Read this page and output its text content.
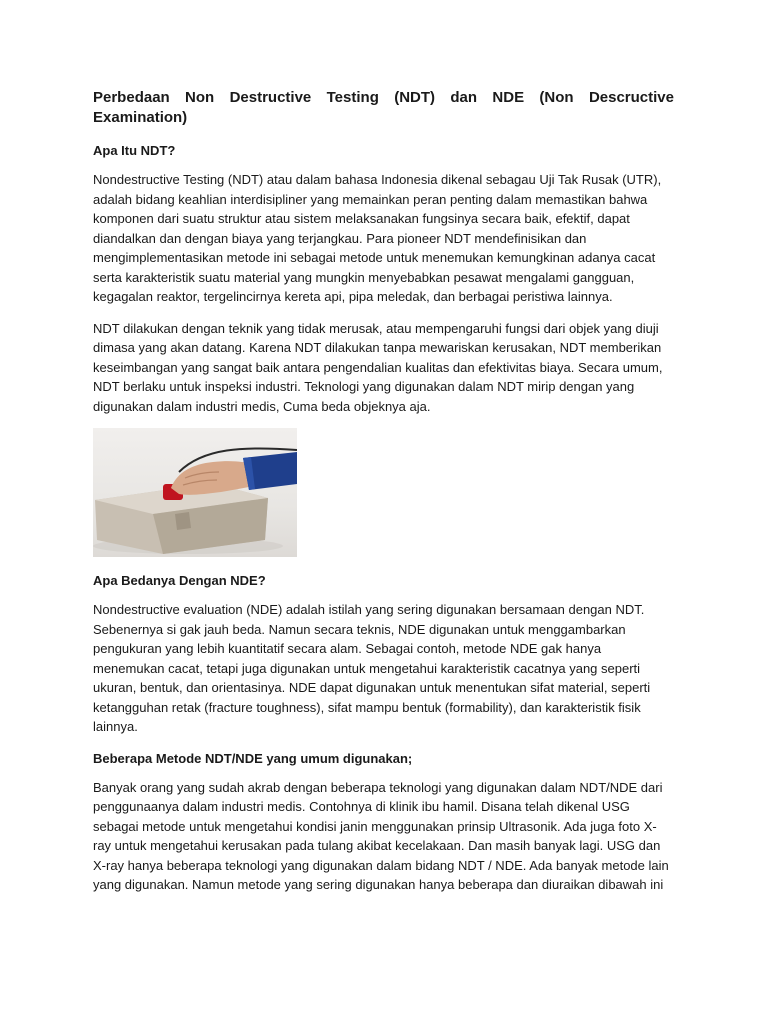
Perbedaan Non Destructive Testing (NDT) dan NDE (Non Descructive Examination)

Apa Itu NDT?

Nondestructive Testing (NDT) atau dalam bahasa Indonesia dikenal sebagau Uji Tak Rusak (UTR), adalah bidang keahlian interdisipliner yang memainkan peran penting dalam memastikan bahwa komponen dari suatu struktur atau sistem melaksanakan fungsinya secara baik, efektif, dapat diandalkan dan dengan biaya yang terjangkau. Para pioneer NDT mendefinisikan dan mengimplementasikan metode ini sebagai metode untuk menemukan kemungkinan adanya cacat serta karakteristik suatu material yang mungkin menyebabkan pesawat mengalami gangguan, kegagalan reaktor, tergelincirnya kereta api, pipa meledak, dan berbagai peristiwa lainnya.

NDT dilakukan dengan teknik yang tidak merusak, atau mempengaruhi fungsi dari objek yang diuji dimasa yang akan datang. Karena NDT dilakukan tanpa mewariskan kerusakan, NDT memberikan keseimbangan yang sangat baik antara pengendalian kualitas dan efektivitas biaya. Secara umum, NDT berlaku untuk inspeksi industri. Teknologi yang digunakan dalam NDT mirip dengan yang digunakan dalam industri medis, Cuma beda objeknya aja.

Apa Bedanya Dengan NDE?

Nondestructive evaluation (NDE) adalah istilah yang sering digunakan bersamaan dengan NDT. Sebenernya si gak jauh beda. Namun secara teknis, NDE digunakan untuk menggambarkan pengukuran yang lebih kuantitatif secara alam. Sebagai contoh, metode NDE gak hanya menemukan cacat, tetapi juga digunakan untuk mengetahui karakteristik cacatnya yang seperti ukuran, bentuk, dan orientasinya. NDE dapat digunakan untuk menentukan sifat material, seperti ketangguhan retak (fracture toughness), sifat mampu bentuk (formability), dan karakteristik fisik lainnya.

Beberapa Metode NDT/NDE yang umum digunakan;

Banyak orang yang sudah akrab dengan beberapa teknologi yang digunakan dalam NDT/NDE dari penggunaanya dalam industri medis. Contohnya di klinik ibu hamil. Disana telah dikenal USG sebagai metode untuk mengetahui kondisi janin menggunakan prinsip Ultrasonik. Ada juga foto X-ray untuk mengetahui kerusakan pada tulang akibat kecelakaan. Dan masih banyak lagi. USG dan X-ray hanya beberapa teknologi yang digunakan dalam bidang NDT / NDE. Ada banyak metode lain yang digunakan. Namun metode yang sering digunakan hanya beberapa dan diuraikan dibawah ini
